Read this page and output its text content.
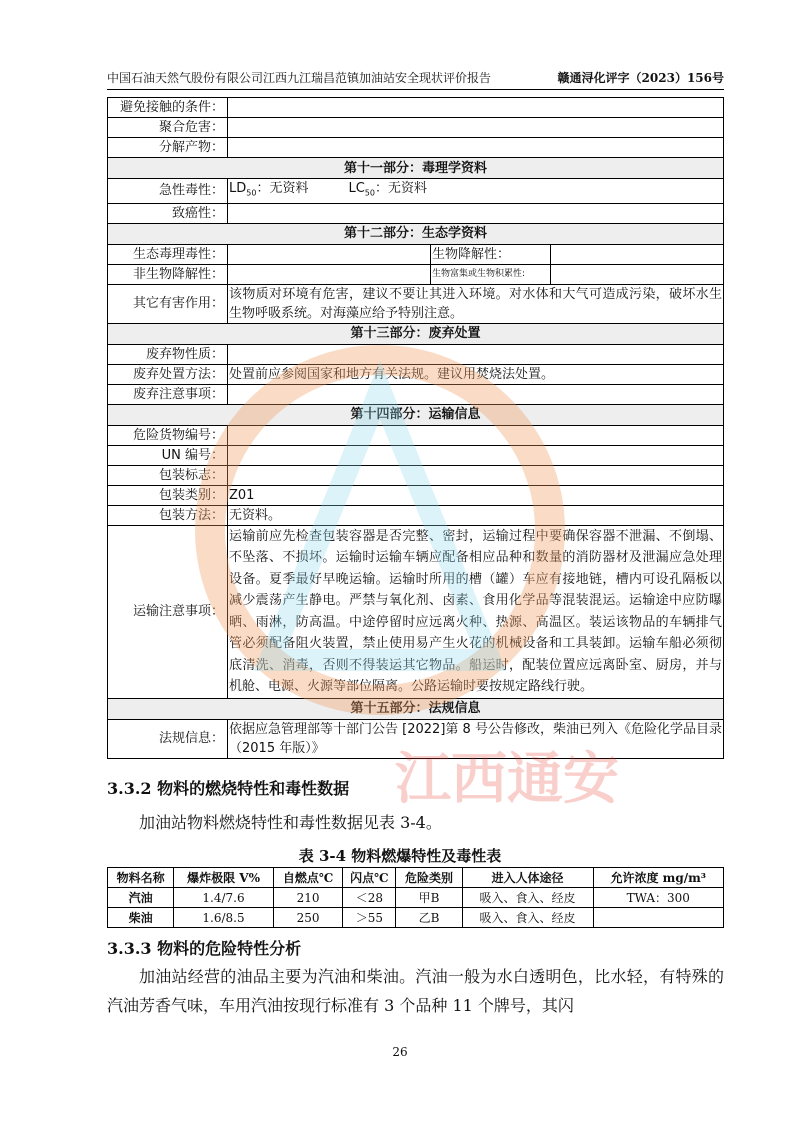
中国石油天然气股份有限公司江西九江瑞昌范镇加油站安全现状评价报告	赣通浔化评字（2023）156号
避免接触的条件：			
聚合危害：			
分解产物：			
第十一部分：毒理学资料			
急性毒性：	$LD_{50}$：无资料 $LC_{50}$：无资料		
致癌性：			
第十二部分：生态学资料			
生态毒理毒性：		生物降解性：	
非生物降解性：		生物富集或生物积累性:	
其它有害作用：	该物质对环境有危害，建议不要让其进入环境。对水体和大气可造成污染，破坏水生生物呼吸系统。对海藻应给予特别注意。		
第十三部分：废弃处置			
废弃物性质：			
废弃处置方法：	处置前应参阅国家和地方有关法规。建议用焚烧法处置。		
废弃注意事项：			
第十四部分：运输信息			
危险货物编号：			
UN 编号：			
包装标志：			
包装类别：	Z01		
包装方法：	无资料。		
运输注意事项：	运输前应先检查包装容器是否完整、密封，运输过程中要确保容器不泄漏、不倒塌、不坠落、不损坏。运输时运输车辆应配备相应品种和数量的消防器材及泄漏应急处理设备。夏季最好早晚运输。运输时所用的槽（罐）车应有接地链，槽内可设孔隔板以减少震荡产生静电。严禁与氧化剂、卤素、食用化学品等混装混运。运输途中应防曝晒、雨淋，防高温。中途停留时应远离火种、热源、高温区。装运该物品的车辆排气管必须配备阻火装置，禁止使用易产生火花的机械设备和工具装卸。运输车船必须彻底清洗、消毒，否则不得装运其它物品。船运时，配装位置应远离卧室、厨房，并与机舱、电源、火源等部位隔离。公路运输时要按规定路线行驶。		
第十五部分：法规信息			
法规信息：	依据应急管理部等十部门公告 [2022]第 8 号公告修改，柴油已列入《危险化学品目录（2015 年版）》		
3.3.2 物料的燃烧特性和毒性数据

加油站物料燃烧特性和毒性数据见表 3-4。

表 3-4 物料燃爆特性及毒性表
物料名称	爆炸极限 V%	自燃点℃	闪点℃	危险类别	进入人体途径	允许浓度 mg/m³
汽油	1.4/7.6	210	＜28	甲B	吸入、食入、经皮	TWA：300
柴油	1.6/8.5	250	＞55	乙B	吸入、食入、经皮	
3.3.3 物料的危险特性分析

加油站经营的油品主要为汽油和柴油。汽油一般为水白透明色，比水轻，有特殊的汽油芳香气味，车用汽油按现行标准有 3 个品种 11 个牌号，其闪

26
江西通安
